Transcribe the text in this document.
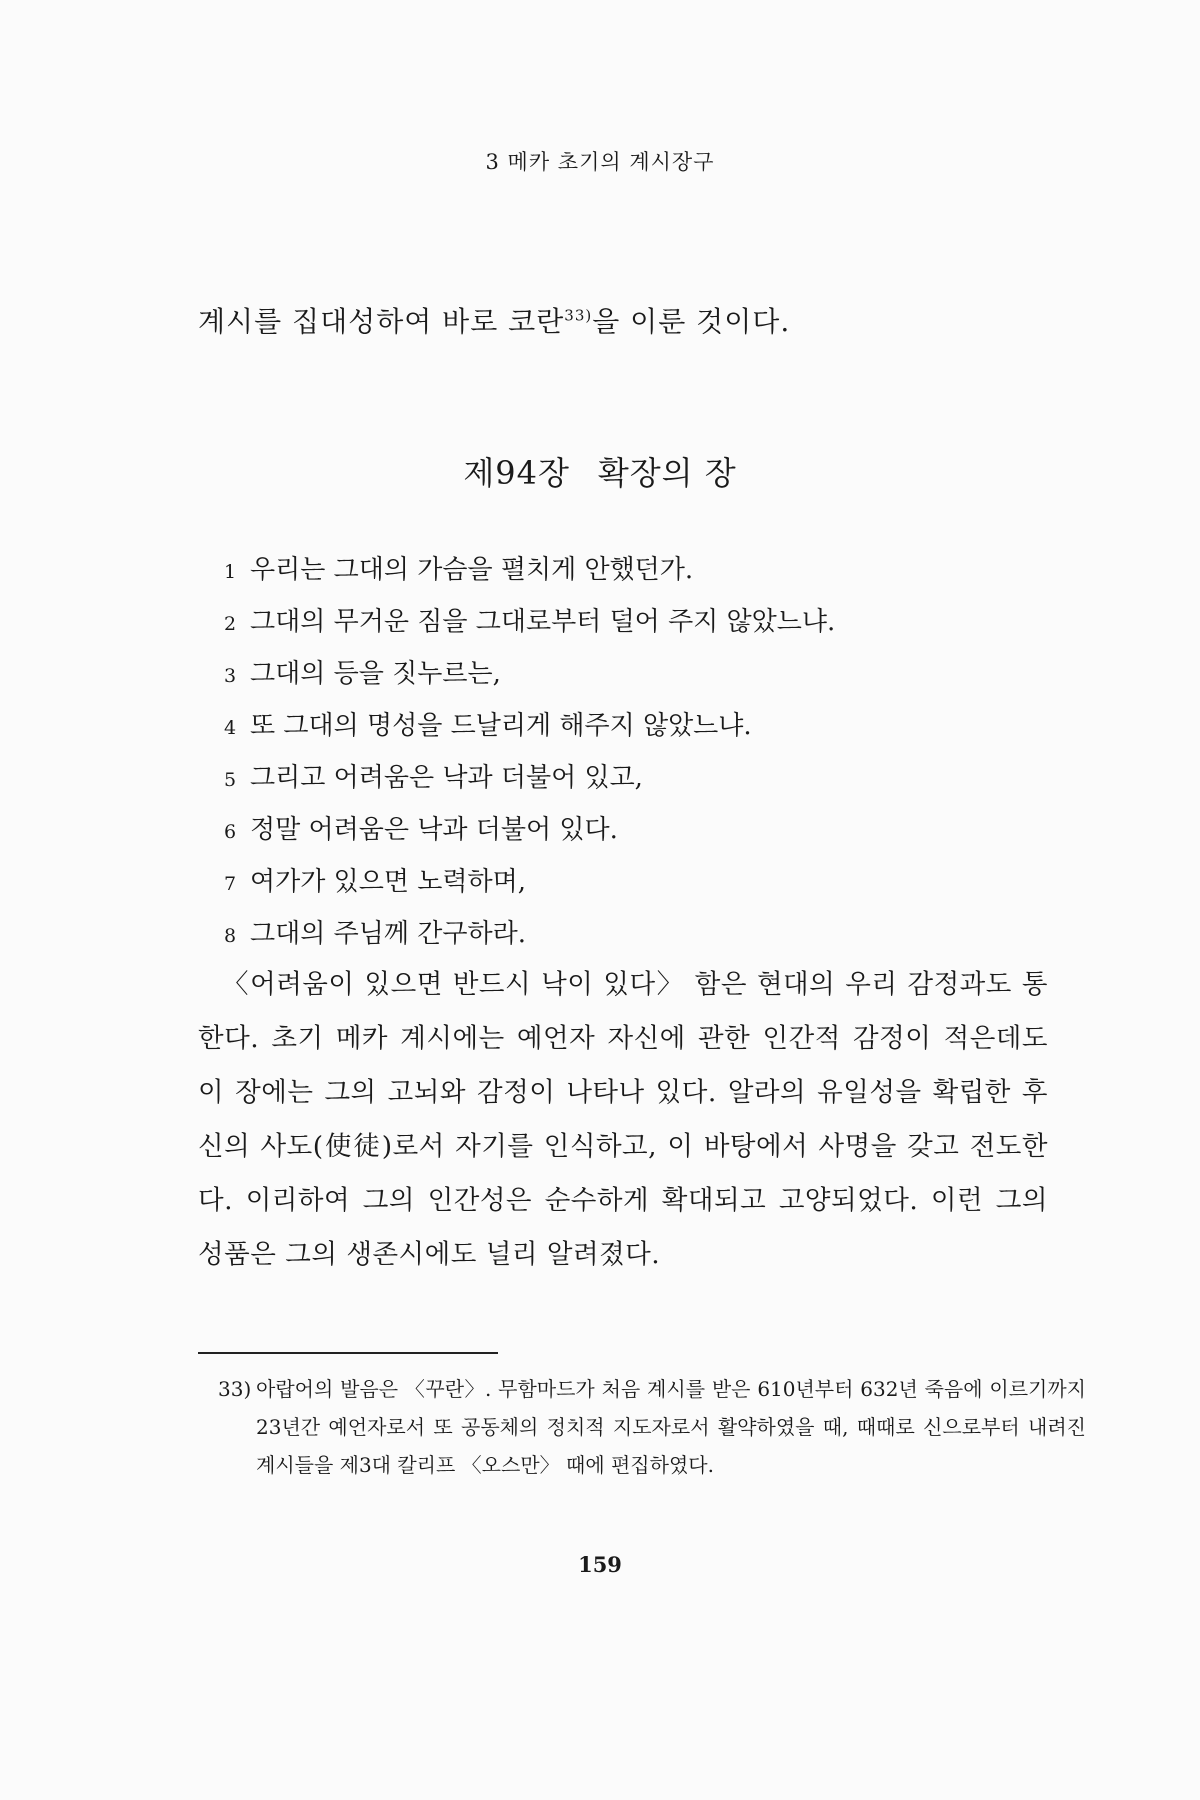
3 메카 초기의 계시장구
계시를 집대성하여 바로 코란$^{33)}$을 이룬 것이다.
제94장 확장의 장
1 우리는 그대의 가슴을 펼치게 안했던가.
2 그대의 무거운 짐을 그대로부터 덜어 주지 않았느냐.
3 그대의 등을 짓누르는,
4 또 그대의 명성을 드날리게 해주지 않았느냐.
5 그리고 어려움은 낙과 더불어 있고,
6 정말 어려움은 낙과 더불어 있다.
7 여가가 있으면 노력하며,
8 그대의 주님께 간구하라.

〈어려움이 있으면 반드시 낙이 있다〉 함은 현대의 우리 감정과도 통한다. 초기 메카 계시에는 예언자 자신에 관한 인간적 감정이 적은데도 이 장에는 그의 고뇌와 감정이 나타나 있다. 알라의 유일성을 확립한 후 신의 사도(使徒)로서 자기를 인식하고, 이 바탕에서 사명을 갖고 전도한다. 이리하여 그의 인간성은 순수하게 확대되고 고양되었다. 이런 그의 성품은 그의 생존시에도 널리 알려졌다.

33) 아랍어의 발음은 〈꾸란〉. 무함마드가 처음 계시를 받은 610년부터 632년 죽음에 이르기까지 23년간 예언자로서 또 공동체의 정치적 지도자로서 활약하였을 때, 때때로 신으로부터 내려진 계시들을 제3대 칼리프 〈오스만〉 때에 편집하였다.

159
